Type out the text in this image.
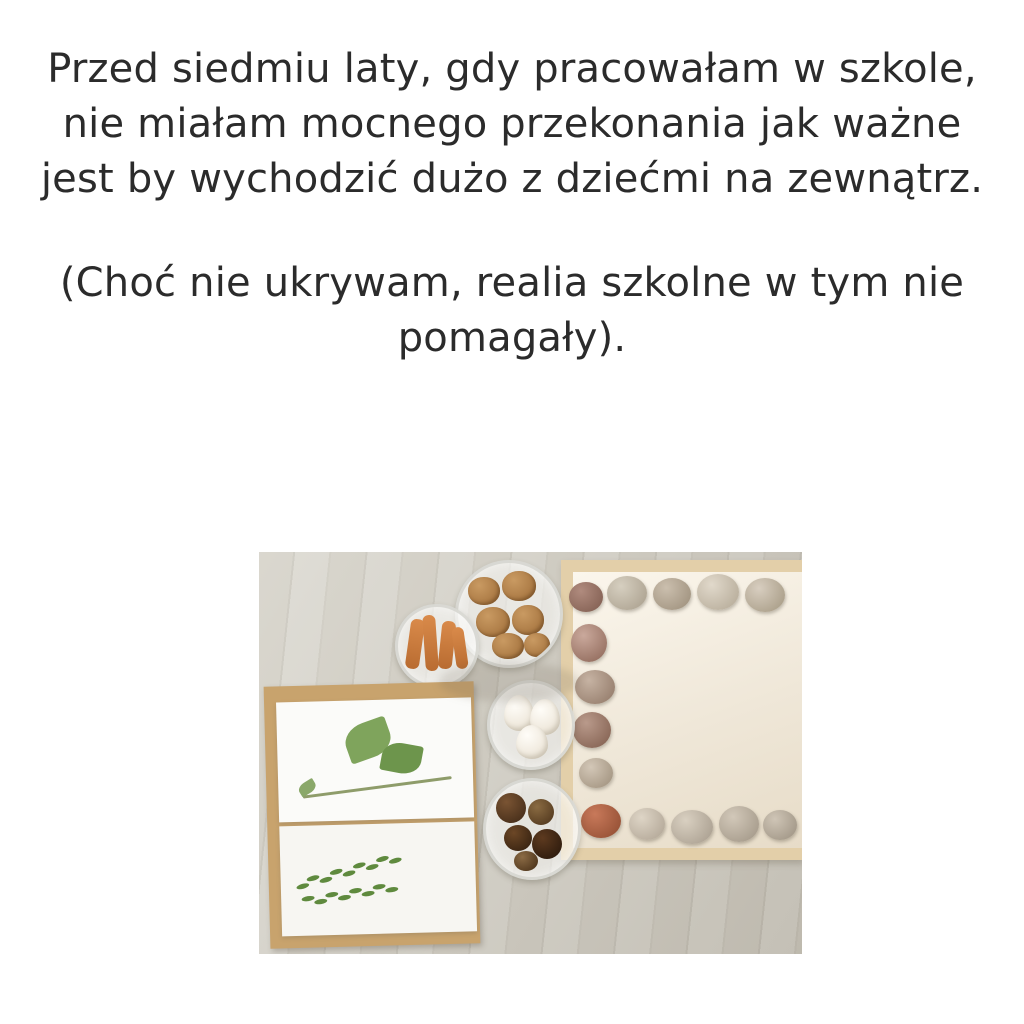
Przed siedmiu laty, gdy pracowałam w szkole, nie miałam mocnego przekonania jak ważne jest by wychodzić dużo z dziećmi na zewnątrz.

(Choć nie ukrywam, realia szkolne w tym nie pomagały).
